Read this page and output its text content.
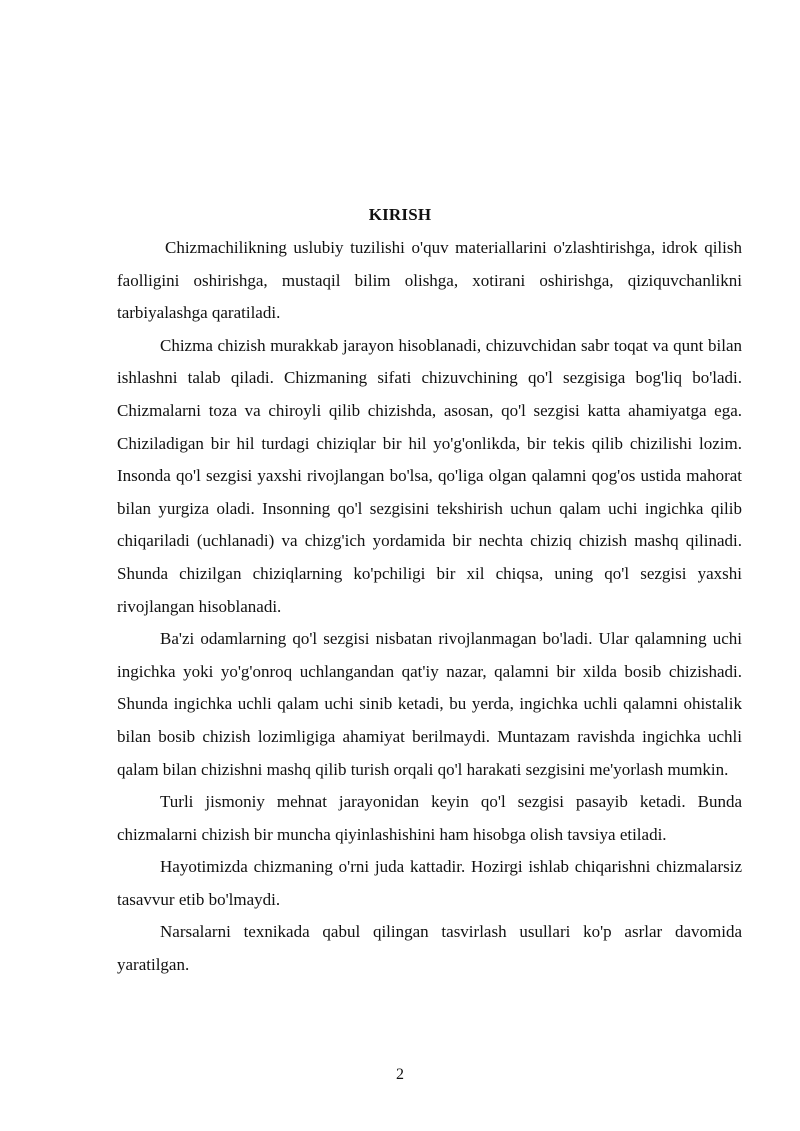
KIRISH

Chizmachilikning uslubiy tuzilishi o'quv materiallarini o'zlashtirishga, idrok qilish faolligini oshirishga, mustaqil bilim olishga, xotirani oshirishga, qiziquvchanlikni tarbiyalashga qaratiladi.

Chizma chizish murakkab jarayon hisoblanadi, chizuvchidan sabr toqat va qunt bilan ishlashni talab qiladi. Chizmaning sifati chizuvchining qo'l sezgisiga bog'liq bo'ladi. Chizmalarni toza va chiroyli qilib chizishda, asosan, qo'l sezgisi katta ahamiyatga ega. Chiziladigan bir hil turdagi chiziqlar bir hil yo'g'onlikda, bir tekis qilib chizilishi lozim. Insonda qo'l sezgisi yaxshi rivojlangan bo'lsa, qo'liga olgan qalamni qog'os ustida mahorat bilan yurgiza oladi. Insonning qo'l sezgisini tekshirish uchun qalam uchi ingichka qilib chiqariladi (uchlanadi) va chizg'ich yordamida bir nechta chiziq chizish mashq qilinadi. Shunda chizilgan chiziqlarning ko'pchiligi bir xil chiqsa, uning qo'l sezgisi yaxshi rivojlangan hisoblanadi.

Ba'zi odamlarning qo'l sezgisi nisbatan rivojlanmagan bo'ladi. Ular qalamning uchi ingichka yoki yo'g'onroq uchlangandan qat'iy nazar, qalamni bir xilda bosib chizishadi. Shunda ingichka uchli qalam uchi sinib ketadi, bu yerda, ingichka uchli qalamni ohistalik bilan bosib chizish lozimligiga ahamiyat berilmaydi. Muntazam ravishda ingichka uchli qalam bilan chizishni mashq qilib turish orqali qo'l harakati sezgisini me'yorlash mumkin.

Turli jismoniy mehnat jarayonidan keyin qo'l sezgisi pasayib ketadi. Bunda chizmalarni chizish bir muncha qiyinlashishini ham hisobga olish tavsiya etiladi.

Hayotimizda chizmaning o'rni juda kattadir. Hozirgi ishlab chiqarishni chizmalarsiz tasavvur etib bo'lmaydi.

Narsalarni texnikada qabul qilingan tasvirlash usullari ko'p asrlar davomida yaratilgan.

2
